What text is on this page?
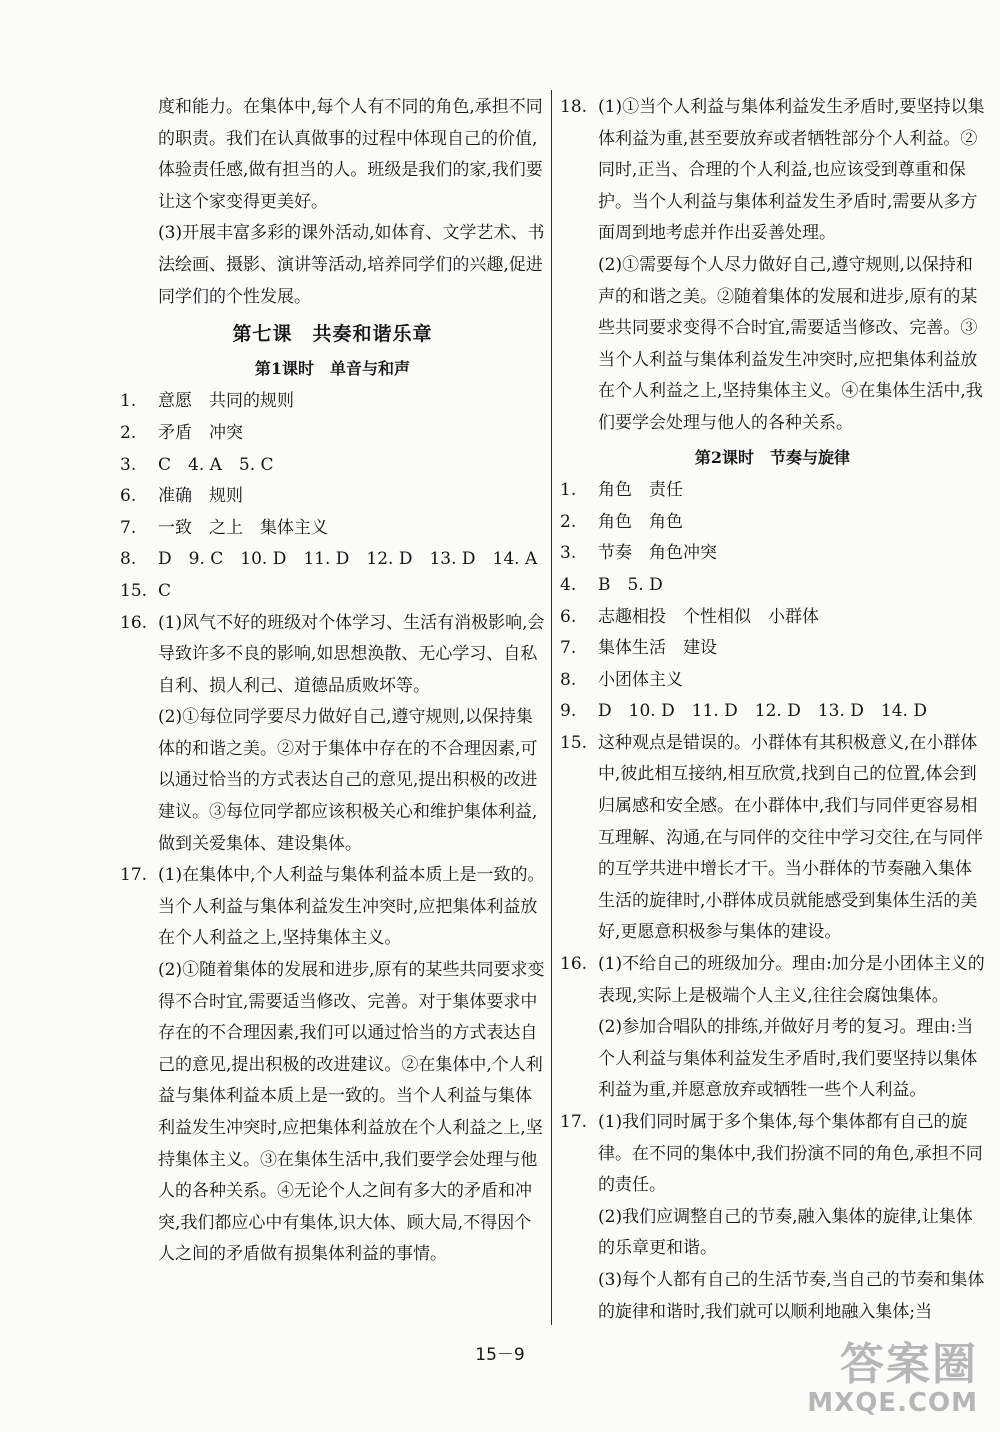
度和能力。在集体中,每个人有不同的角色,承担不同的职责。我们在认真做事的过程中体现自己的价值,体验责任感,做有担当的人。班级是我们的家,我们要让这个家变得更美好。

(3)开展丰富多彩的课外活动,如体育、文学艺术、书法绘画、摄影、演讲等活动,培养同学们的兴趣,促进同学们的个性发展。

第七课　共奏和谐乐章
第1课时　单音与和声
1.	意愿　共同的规则
2.	矛盾　冲突
3.	C　4. A　5. C
6.	准确　规则
7.	一致　之上　集体主义
8.	D　9. C　10. D　11. D　12. D　13. D　14. A
15. C
16. (1)风气不好的班级对个体学习、生活有消极影响,会导致许多不良的影响,如思想涣散、无心学习、自私自利、损人利己、道德品质败坏等。

(2)①每位同学要尽力做好自己,遵守规则,以保持集体的和谐之美。②对于集体中存在的不合理因素,可以通过恰当的方式表达自己的意见,提出积极的改进建议。③每位同学都应该积极关心和维护集体利益,做到关爱集体、建设集体。

17. (1)在集体中,个人利益与集体利益本质上是一致的。当个人利益与集体利益发生冲突时,应把集体利益放在个人利益之上,坚持集体主义。

(2)①随着集体的发展和进步,原有的某些共同要求变得不合时宜,需要适当修改、完善。对于集体要求中存在的不合理因素,我们可以通过恰当的方式表达自己的意见,提出积极的改进建议。②在集体中,个人利益与集体利益本质上是一致的。当个人利益与集体利益发生冲突时,应把集体利益放在个人利益之上,坚持集体主义。③在集体生活中,我们要学会处理与他人的各种关系。④无论个人之间有多大的矛盾和冲突,我们都应心中有集体,识大体、顾大局,不得因个人之间的矛盾做有损集体利益的事情。

18. (1)①当个人利益与集体利益发生矛盾时,要坚持以集体利益为重,甚至要放弃或者牺牲部分个人利益。②同时,正当、合理的个人利益,也应该受到尊重和保护。当个人利益与集体利益发生矛盾时,需要从多方面周到地考虑并作出妥善处理。

(2)①需要每个人尽力做好自己,遵守规则,以保持和声的和谐之美。②随着集体的发展和进步,原有的某些共同要求变得不合时宜,需要适当修改、完善。③当个人利益与集体利益发生冲突时,应把集体利益放在个人利益之上,坚持集体主义。④在集体生活中,我们要学会处理与他人的各种关系。

第2课时　节奏与旋律
1.	角色　责任
2.	角色　角色
3.	节奏　角色冲突
4.	B　5. D
6.	志趣相投　个性相似　小群体
7.	集体生活　建设
8.	小团体主义
9.	D　10. D　11. D　12. D　13. D　14. D
15. 这种观点是错误的。小群体有其积极意义,在小群体中,彼此相互接纳,相互欣赏,找到自己的位置,体会到归属感和安全感。在小群体中,我们与同伴更容易相互理解、沟通,在与同伴的交往中学习交往,在与同伴的互学共进中增长才干。当小群体的节奏融入集体生活的旋律时,小群体成员就能感受到集体生活的美好,更愿意积极参与集体的建设。
16. (1)不给自己的班级加分。理由:加分是小团体主义的表现,实际上是极端个人主义,往往会腐蚀集体。

(2)参加合唱队的排练,并做好月考的复习。理由:当个人利益与集体利益发生矛盾时,我们要坚持以集体利益为重,并愿意放弃或牺牲一些个人利益。

17. (1)我们同时属于多个集体,每个集体都有自己的旋律。在不同的集体中,我们扮演不同的角色,承担不同的责任。

(2)我们应调整自己的节奏,融入集体的旋律,让集体的乐章更和谐。

(3)每个人都有自己的生活节奏,当自己的节奏和集体的旋律和谐时,我们就可以顺利地融入集体;当

15－9	答案圈
MXQE.COM
